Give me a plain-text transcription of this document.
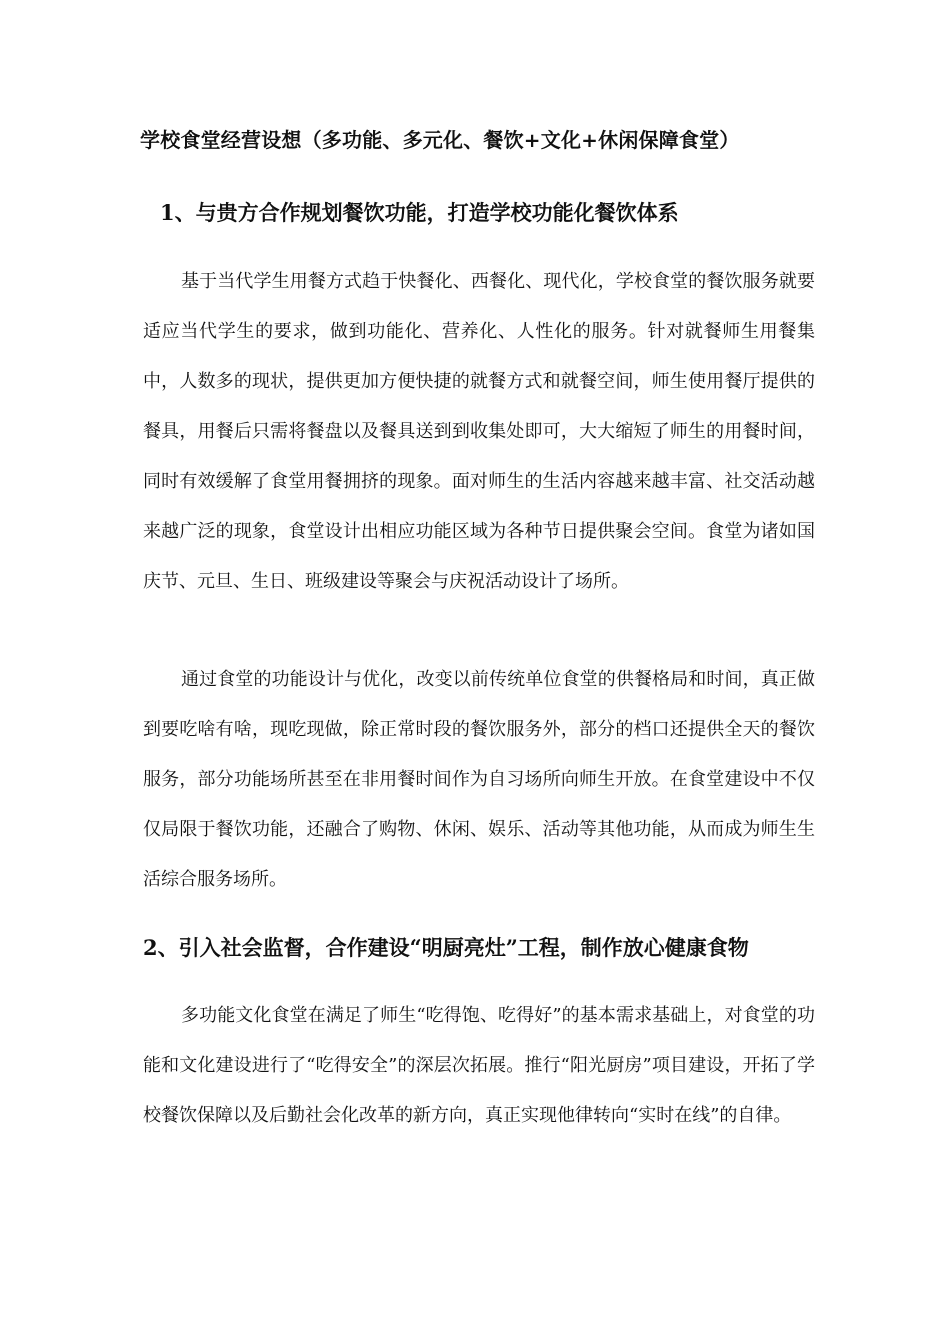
学校食堂经营设想（多功能、多元化、餐饮+文化+休闲保障食堂）
1、与贵方合作规划餐饮功能，打造学校功能化餐饮体系

基于当代学生用餐方式趋于快餐化、西餐化、现代化，学校食堂的餐饮服务就要适应当代学生的要求，做到功能化、营养化、人性化的服务。针对就餐师生用餐集中，人数多的现状，提供更加方便快捷的就餐方式和就餐空间，师生使用餐厅提供的餐具，用餐后只需将餐盘以及餐具送到到收集处即可，大大缩短了师生的用餐时间，同时有效缓解了食堂用餐拥挤的现象。面对师生的生活内容越来越丰富、社交活动越来越广泛的现象，食堂设计出相应功能区域为各种节日提供聚会空间。食堂为诸如国庆节、元旦、生日、班级建设等聚会与庆祝活动设计了场所。

通过食堂的功能设计与优化，改变以前传统单位食堂的供餐格局和时间，真正做到要吃啥有啥，现吃现做，除正常时段的餐饮服务外，部分的档口还提供全天的餐饮服务，部分功能场所甚至在非用餐时间作为自习场所向师生开放。在食堂建设中不仅仅局限于餐饮功能，还融合了购物、休闲、娱乐、活动等其他功能，从而成为师生生活综合服务场所。

2、引入社会监督，合作建设“明厨亮灶”工程，制作放心健康食物

多功能文化食堂在满足了师生“吃得饱、吃得好”的基本需求基础上，对食堂的功能和文化建设进行了“吃得安全”的深层次拓展。推行“阳光厨房”项目建设，开拓了学校餐饮保障以及后勤社会化改革的新方向，真正实现他律转向“实时在线”的自律。
